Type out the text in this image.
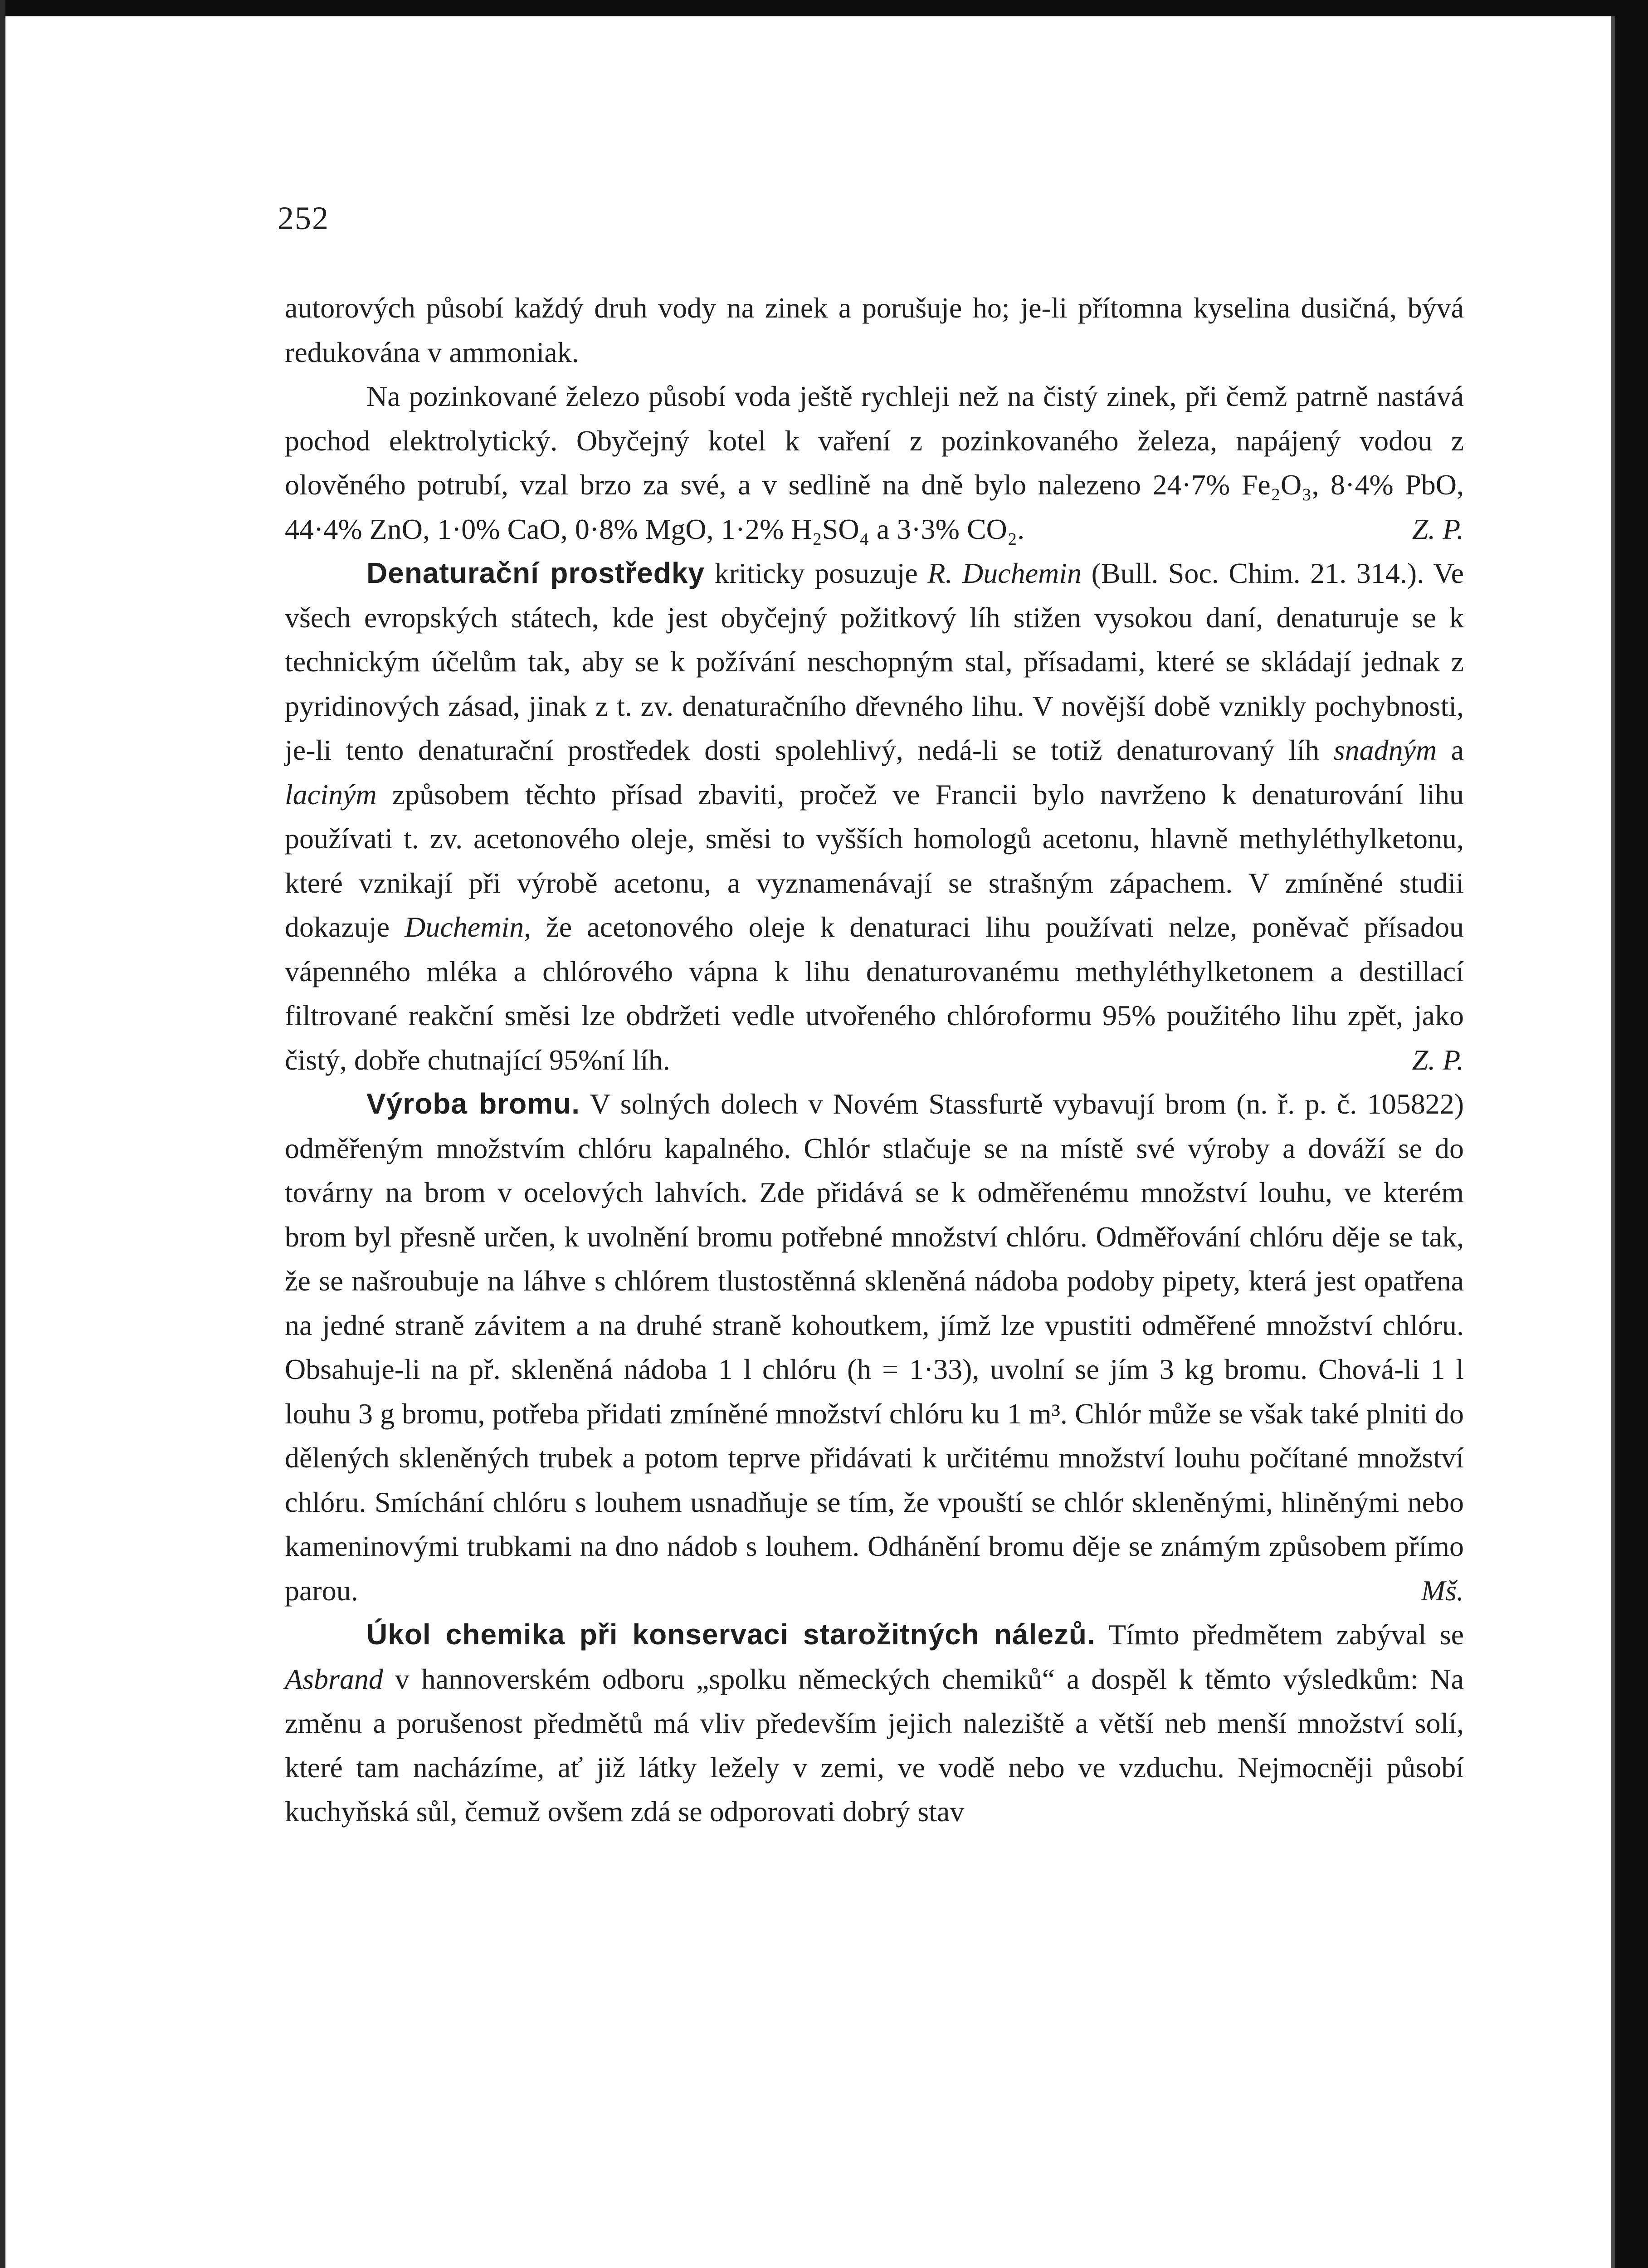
252

autorových působí každý druh vody na zinek a porušuje ho; je-li přítomna kyselina dusičná, bývá redukována v ammoniak.

Na pozinkované železo působí voda ještě rychleji než na čistý zinek, při čemž patrně nastává pochod elektrolytický. Obyčejný kotel k vaření z pozinkovaného železa, napájený vodou z olověného potrubí, vzal brzo za své, a v sedlině na dně bylo nalezeno 24·7% Fe₂O₃, 8·4% PbO, 44·4% ZnO, 1·0% CaO, 0·8% MgO, 1·2% H₂SO₄ a 3·3% CO₂.	Z. P.

Denaturační prostředky kriticky posuzuje R. Duchemin (Bull. Soc. Chim. 21. 314.). Ve všech evropských státech, kde jest obyčejný požitkový líh stižen vysokou daní, denaturuje se k technickým účelům tak, aby se k požívání neschopným stal, přísadami, které se skládají jednak z pyridinových zásad, jinak z t. zv. denaturačního dřevného lihu. V novější době vznikly pochybnosti, je-li tento denaturační prostředek dosti spolehlivý, nedá-li se totiž denaturovaný líh snadným a laciným způsobem těchto přísad zbaviti, pročež ve Francii bylo navrženo k denaturování lihu používati t. zv. acetonového oleje, směsi to vyšších homologů acetonu, hlavně methyléthylketonu, které vznikají při výrobě acetonu, a vyznamenávají se strašným zápachem. V zmíněné studii dokazuje Duchemin, že acetonového oleje k denaturaci lihu používati nelze, poněvač přísadou vápenného mléka a chlórového vápna k lihu denaturovanému methyléthylketonem a destillací filtrované reakční směsi lze obdržeti vedle utvořeného chlóroformu 95% použitého lihu zpět, jako čistý, dobře chutnající 95%ní líh.	Z. P.

Výroba bromu. V solných dolech v Novém Stassfurtě vybavují brom (n. ř. p. č. 105822) odměřeným množstvím chlóru kapalného. Chlór stlačuje se na místě své výroby a dováží se do továrny na brom v ocelových lahvích. Zde přidává se k odměřenému množství louhu, ve kterém brom byl přesně určen, k uvolnění bromu potřebné množství chlóru. Odměřování chlóru děje se tak, že se našroubuje na láhve s chlórem tlustostěnná skleněná nádoba podoby pipety, která jest opatřena na jedné straně závitem a na druhé straně kohoutkem, jímž lze vpustiti odměřené množství chlóru. Obsahuje-li na př. skleněná nádoba 1 l chlóru (h = 1·33), uvolní se jím 3 kg bromu. Chová-li 1 l louhu 3 g bromu, potřeba přidati zmíněné množství chlóru ku 1 m³. Chlór může se však také plniti do dělených skleněných trubek a potom teprve přidávati k určitému množství louhu počítané množství chlóru. Smíchání chlóru s louhem usnadňuje se tím, že vpouští se chlór skleněnými, hliněnými nebo kameninovými trubkami na dno nádob s louhem. Odhánění bromu děje se známým způsobem přímo parou.	Mš.

Úkol chemika při konservaci starožitných nálezů. Tímto předmětem zabýval se Asbrand v hannoverském odboru „spolku německých chemiků“ a dospěl k těmto výsledkům: Na změnu a porušenost předmětů má vliv především jejich naleziště a větší neb menší množství solí, které tam nacházíme, ať již látky ležely v zemi, ve vodě nebo ve vzduchu. Nejmocněji působí kuchyňská sůl, čemuž ovšem zdá se odporovati dobrý stav
